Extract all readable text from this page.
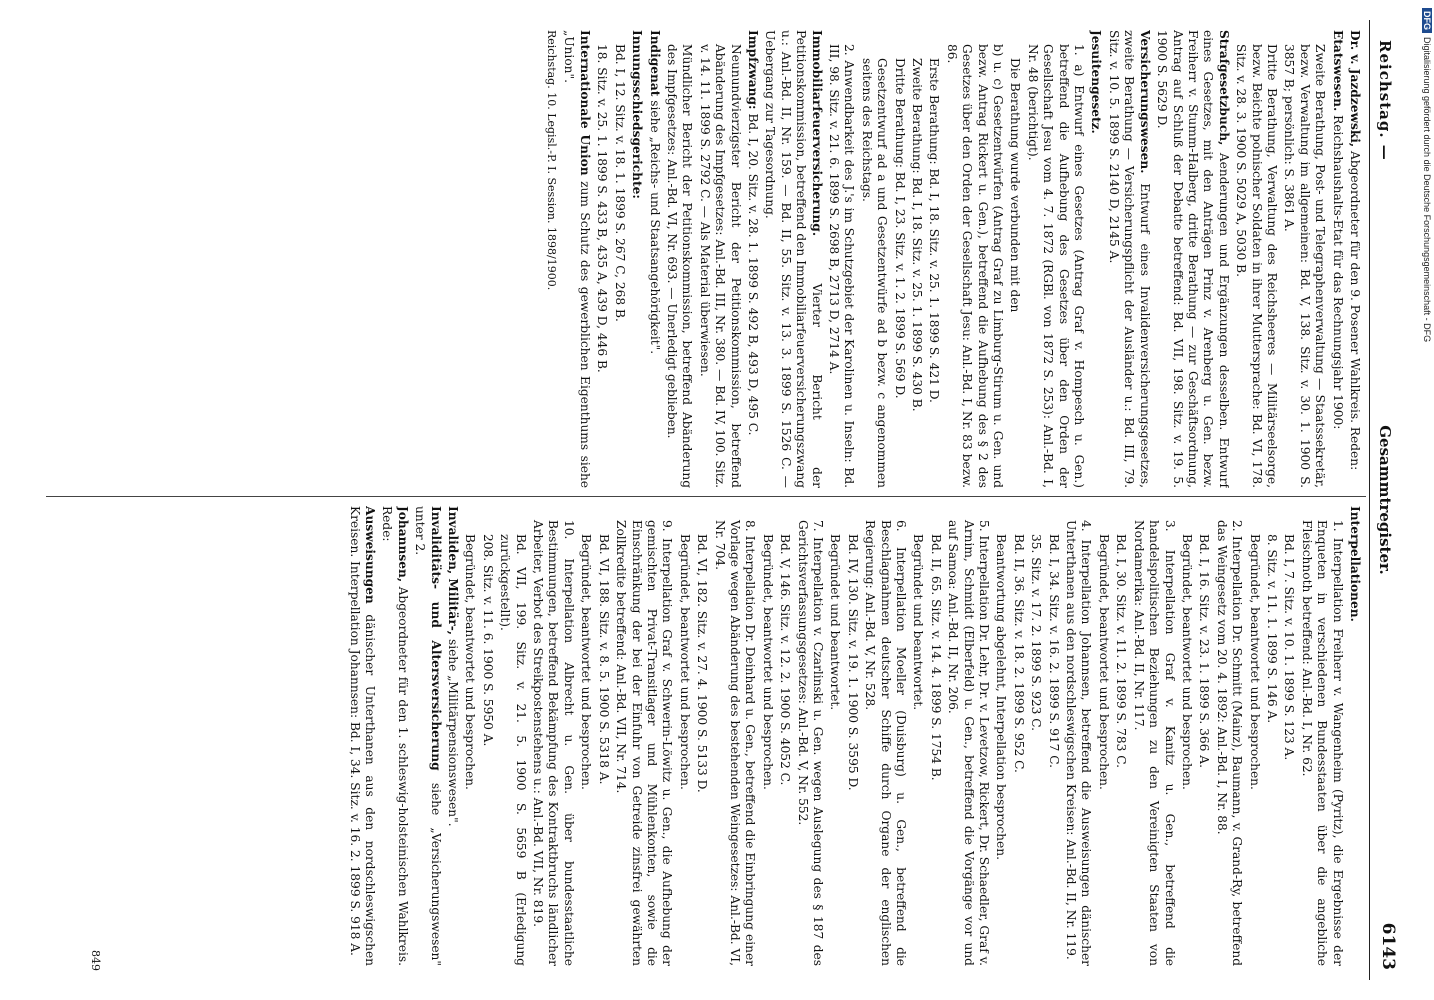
Reichstag. —
Gesammtregister.
6143
Dr. v. Jazdzewski, Abgeordneter für den 9. Posener Wahlkreis. Reden:
Etatswesen. Reichshaushalts-Etat für das Rechnungsjahr 1900:
Zweite Berathung, Post- und Telegraphenverwaltung — Staatssekretär, bezw. Verwaltung im allgemeinen: Bd. V, 138. Sitz. v. 30. 1. 1900 S. 3857 B; persönlich: S. 3861 A.
Dritte Berathung, Verwaltung des Reichsheeres — Militärseelsorge, bezw. Beichte polnischer Soldaten in ihrer Muttersprache: Bd. VI, 178. Sitz. v. 28. 3. 1900 S. 5029 A, 5030 B.
Strafgesetzbuch, Aenderungen und Ergänzungen desselben. Entwurf eines Gesetzes, mit den Anträgen Prinz v. Arenberg u. Gen. bezw. Freiherr v. Stumm-Halberg, dritte Berathung — zur Geschäftsordnung, Antrag auf Schluß der Debatte betreffend: Bd. VII, 198. Sitz. v. 19. 5. 1900 S. 5629 D.
Versicherungswesen. Entwurf eines Invalidenversicherungsgesetzes, zweite Berathung — Versicherungspflicht der Ausländer u.: Bd. III, 79. Sitz. v. 10. 5. 1899 S. 2140 D, 2145 A.
Jesuitengesetz.
1. a) Entwurf eines Gesetzes (Antrag Graf v. Hompesch u. Gen.) betreffend die Aufhebung des Gesetzes über den Orden der Gesellschaft Jesu vom 4. 7. 1872 (RGBl. von 1872 S. 253): Anl.-Bd. I, Nr. 48 (berichtigt).
Die Berathung wurde verbunden mit den
b) u. c) Gesetzentwürfen (Antrag Graf zu Limburg-Stirum u. Gen. und bezw. Antrag Rickert u. Gen.), betreffend die Aufhebung des § 2 des Gesetzes über den Orden der Gesellschaft Jesu: Anl.-Bd. I, Nr. 83 bezw. 86.
Erste Berathung: Bd. I, 18. Sitz. v. 25. 1. 1899 S. 421 D.
Zweite Berathung: Bd. I, 18. Sitz. v. 25. 1. 1899 S. 430 B.
Dritte Berathung: Bd. I, 23. Sitz. v. 1. 2. 1899 S. 569 D.
Gesetzentwurf ad a und Gesetzentwürfe ad b bezw. c angenommen seitens des Reichstags.
2. Anwendbarkeit des J.'s im Schutzgebiet der Karolinen u. Inseln: Bd. III, 98. Sitz. v. 21. 6. 1899 S. 2698 B, 2713 D, 2714 A.
Immobiliarfeuerversicherung. Vierter Bericht der Petitionskommission, betreffend den Immobiliarfeuerversicherungszwang u.: Anl.-Bd. II, Nr. 159. — Bd. II, 55. Sitz. v. 13. 3. 1899 S. 1526 C. — Uebergang zur Tagesordnung.
Impfzwang: Bd. I, 20. Sitz. v. 28. 1. 1899 S. 492 B, 493 D, 495 C.
Neunundvierzigster Bericht der Petitionskommission, betreffend Abänderung des Impfgesetzes: Anl.-Bd. III, Nr. 380. — Bd. IV, 100. Sitz. v. 14. 11. 1899 S. 2792 C. — Als Material überwiesen.
Mündlicher Bericht der Petitionskommission, betreffend Abänderung des Impfgesetzes: Anl.-Bd. VI, Nr. 693. — Unerledigt geblieben.
Indigenat siehe „Reichs- und Staatsangehörigkeit".
Innungsschiedsgerichte:
Bd. I, 12. Sitz. v. 18. 1. 1899 S. 267 C, 268 B.
18. Sitz. v. 25. 1. 1899 S. 433 B, 435 A, 439 D, 446 B.
Internationale Union zum Schutz des gewerblichen Eigenthums siehe „Union".
Reichstag. 10. Legisl.-P. I. Session. 1898/1900.
Interpellationen.
1. Interpellation Freiherr v. Wangenheim (Pyritz), die Ergebnisse der Enqueten in verschiedenen Bundesstaaten über die angebliche Fleischnoth betreffend: Anl.-Bd. I, Nr. 62.
Bd. I, 7. Sitz. v. 10. 1. 1899 S. 123 A.
8. Sitz. v. 11. 1. 1899 S. 146 A.
Begründet, beantwortet und besprochen.
2. Interpellation Dr. Schmitt (Mainz), Baumann, v. Grand-Ry, betreffend das Weingesetz vom 20. 4. 1892: Anl.-Bd. I, Nr. 88.
Bd. I, 16. Sitz. v. 23. 1. 1899 S. 366 A.
Begründet, beantwortet und besprochen.
3. Interpellation Graf v. Kanitz u. Gen., betreffend die handelspolitischen Beziehungen zu den Vereinigten Staaten von Nordamerika: Anl.-Bd. II, Nr. 117.
Bd. I, 30. Sitz. v. 11. 2. 1899 S. 783 C.
Begründet, beantwortet und besprochen.
4. Interpellation Johannsen, betreffend die Ausweisungen dänischer Unterthanen aus den nordschleswigschen Kreisen: Anl.-Bd. II, Nr. 119.
Bd. I, 34. Sitz. v. 16. 2. 1899 S. 917 C.
35. Sitz. v. 17. 2. 1899 S. 923 C.
Bd. II, 36. Sitz. v. 18. 2. 1899 S. 952 C.
Beantwortung abgelehnt, Interpellation besprochen.
5. Interpellation Dr. Lehr, Dr. v. Levetzow, Rickert, Dr. Schaedler, Graf v. Arnim, Schmidt (Elberfeld) u. Gen., betreffend die Vorgänge vor und auf Samoa: Anl.-Bd. II, Nr. 206.
Bd. II, 65. Sitz. v. 14. 4. 1899 S. 1754 B.
Begründet und beantwortet.
6. Interpellation Moeller (Duisburg) u. Gen., betreffend die Beschlagnahmen deutscher Schiffe durch Organe der englischen Regierung: Anl.-Bd. V, Nr. 528.
Bd. IV, 130. Sitz. v. 19. 1. 1900 S. 3595 D.
Begründet und beantwortet.
7. Interpellation v. Czarlinski u. Gen. wegen Auslegung des § 187 des Gerichtsverfassungsgesetzes: Anl.-Bd. V, Nr. 552.
Bd. V, 146. Sitz. v. 12. 2. 1900 S. 4052 C.
Begründet, beantwortet und besprochen.
8. Interpellation Dr. Deinhard u. Gen., betreffend die Einbringung einer Vorlage wegen Abänderung des bestehenden Weingesetzes: Anl.-Bd. VI, Nr. 704.
Bd. VI, 182. Sitz. v. 27. 4. 1900 S. 5133 D.
Begründet, beantwortet und besprochen.
9. Interpellation Graf v. Schwerin-Löwitz u. Gen., die Aufhebung der gemischten Privat-Transitlager und Mühlenkonten, sowie die Einschränkung der bei der Einfuhr von Getreide zinsfrei gewährten Zollkredite betreffend: Anl.-Bd. VII, Nr. 714.
Bd. VI, 188. Sitz. v. 8. 5. 1900 S. 5318 A.
Begründet, beantwortet und besprochen.
10. Interpellation Albrecht u. Gen. über bundesstaatliche Bestimmungen, betreffend Bekämpfung des Kontraktbruchs ländlicher Arbeiter, Verbot des Streikpostenstehens u.: Anl.-Bd. VII, Nr. 819.
Bd. VII, 199. Sitz. v. 21. 5. 1900 S. 5659 B (Erledigung zurückgestellt).
208. Sitz. v. 11. 6. 1900 S. 5950 A.
Begründet, beantwortet und besprochen.
Invaliden, Militär-, siehe „Militärpensionswesen".
Invaliditäts- und Altersversicherung siehe „Versicherungswesen" unter 2.
Johannsen, Abgeordneter für den 1. schleswig-holsteinischen Wahlkreis. Rede:
Ausweisungen dänischer Unterthanen aus den nordschleswigschen Kreisen. Interpellation Johannsen: Bd. I, 34. Sitz. v. 16. 2. 1899 S. 918 A.
849
DFGDigitalisierung gefördert durch die Deutsche Forschungsgemeinschaft - DFG
